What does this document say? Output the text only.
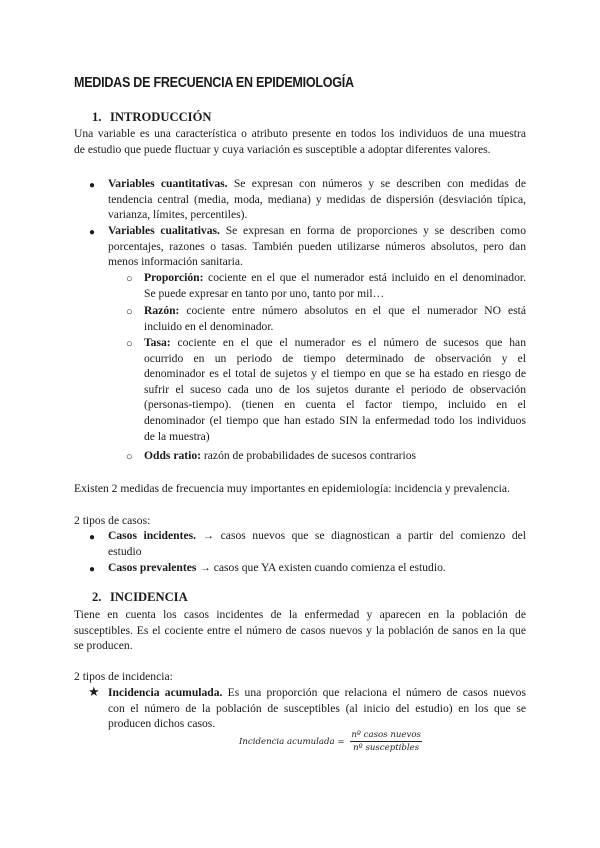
MEDIDAS DE FRECUENCIA EN EPIDEMIOLOGÍA
1. INTRODUCCIÓN
Una variable es una característica o atributo presente en todos los individuos de una muestra
de estudio que puede fluctuar y cuya variación es susceptible a adoptar diferentes valores.
● Variables cuantitativas. Se expresan con números y se describen con medidas de
tendencia central (media, moda, mediana) y medidas de dispersión (desviación típica,
varianza, límites, percentiles).
● Variables cualitativas. Se expresan en forma de proporciones y se describen como
porcentajes, razones o tasas. También pueden utilizarse números absolutos, pero dan
menos información sanitaria.
○ Proporción: cociente en el que el numerador está incluido en el denominador.
Se puede expresar en tanto por uno, tanto por mil…
○ Razón: cociente entre número absolutos en el que el numerador NO está
incluido en el denominador.
○ Tasa: cociente en el que el numerador es el número de sucesos que han
ocurrido en un periodo de tiempo determinado de observación y el
denominador es el total de sujetos y el tiempo en que se ha estado en riesgo de
sufrir el suceso cada uno de los sujetos durante el periodo de observación
(personas-tiempo). (tienen en cuenta el factor tiempo, incluido en el
denominador (el tiempo que han estado SIN la enfermedad todo los individuos
de la muestra)
○ Odds ratio: razón de probabilidades de sucesos contrarios
Existen 2 medidas de frecuencia muy importantes en epidemiología: incidencia y prevalencia.
2 tipos de casos:
● Casos incidentes. → casos nuevos que se diagnostican a partir del comienzo del
estudio
● Casos prevalentes → casos que YA existen cuando comienza el estudio.
2. INCIDENCIA
Tiene en cuenta los casos incidentes de la enfermedad y aparecen en la población de
susceptibles. Es el cociente entre el número de casos nuevos y la población de sanos en la que
se producen.
2 tipos de incidencia:
★ Incidencia acumulada. Es una proporción que relaciona el número de casos nuevos
con el número de la población de susceptibles (al inicio del estudio) en los que se
producen dichos casos.
Incidencia acumulada = $\frac{\text{nº casos nuevos}}{\text{nº susceptibles}}$
